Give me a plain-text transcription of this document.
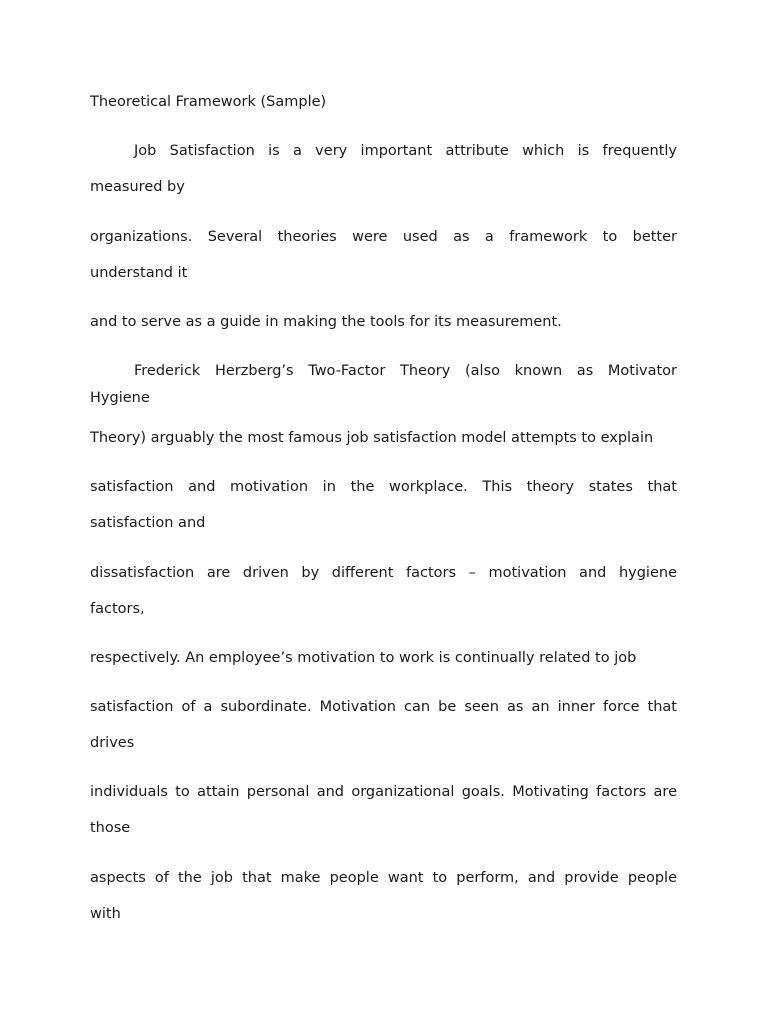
Theoretical Framework (Sample)
Job Satisfaction is a very important attribute which is frequently
measured by
organizations. Several theories were used as a framework to better
understand it
and to serve as a guide in making the tools for its measurement.
Frederick Herzberg’s Two-Factor Theory (also known as Motivator
Hygiene
Theory) arguably the most famous job satisfaction model attempts to explain
satisfaction and motivation in the workplace. This theory states that
satisfaction and
dissatisfaction are driven by different factors – motivation and hygiene
factors,
respectively. An employee’s motivation to work is continually related to job
satisfaction of a subordinate. Motivation can be seen as an inner force that
drives
individuals to attain personal and organizational goals. Motivating factors are
those
aspects of the job that make people want to perform, and provide people
with
